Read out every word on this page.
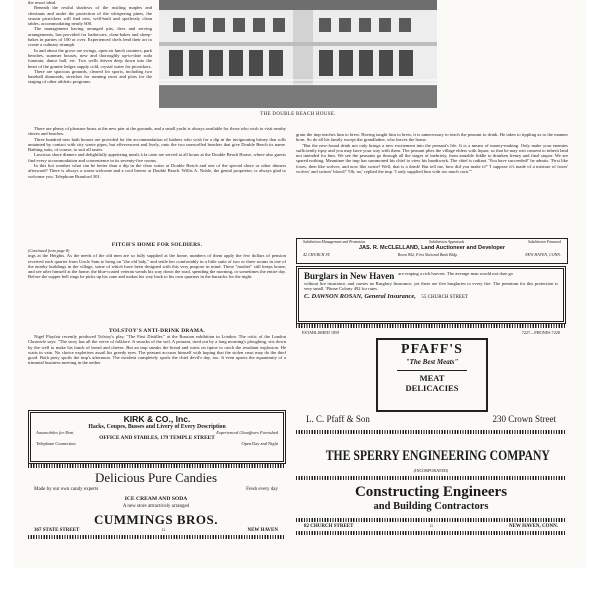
the resort ideal.

Beneath the restful shadows of the rustling maples and chestnuts and under the protection of the whispering pines, the season picnickers will find new, well-built and spotlessly clean tables, accommodating nearly 600.

The management having arranged pits, fires and serving arrangements, has provided for barbecues, clam-bakes and sheep-bakes in parties of 100 or over. Experienced chefs lend their art to create a culinary triumph.

In and about the grove are swings, open air lunch counters, park benches, summer houses, new and thoroughly up-to-date soda fountain, dance hall, etc. Two wells driven deep down into the heart of the granite ledges supply cold, crystal water for picnickers.

There are spacious grounds, cleared for sports, including two baseball diamonds, stretches for running races and plots for the staging of other athletic programs.

THE DOUBLE BEACH HOUSE.

There are plenty of pleasure boats at the new pier at the grounds, and a small yacht is always available for those who wish to visit nearby shores and beaches.

Three hundred new bath houses are provided for the accommodation of bathers who wish for a dip in the invigorating briney that rolls untainted by contact with city waste pipes, but effervescent and lively, onto the two unexcelled beaches that give Double Beach its name. Bathing suits, of course, to suit all tastes.

Luscious shore dinners and delightfully appetizing meals à la carte are served at all hours at the Double Beach House, where also guests find every accommodation and convenience in its seventy-five rooms.

In this hot weather what can be better than a dip in the clear water at Double Beach and one of the special shore or other dinners afterward? There is always a warm welcome and a cool breeze at Double Beach. Willis A. Noble, the genial proprietor, is always glad to welcome you. Telephone Branford 301.

FITCH'S HOME FOR SOLDIERS.

(Continued from page 8)

ings at the Heights. As the needs of the old men are so fully supplied at the home, numbers of them apply the few dollars of pension received each quarter from Uncle Sam to bring on "the old lady," and settle her comfortably in a little suite of two or three rooms in one of the nearby buildings in the village, some of which have been designed with this very purpose in mind. These "mother" still keeps house, and see after himself at the home, the blue-coated veteran wends his way down the road, spending the morning, or sometimes the entire day. Before the supper bell rings he picks up his cane and makes his way back to his own quarters in the barracks for the night.

TOLSTOY'S ANTI-DRINK DRAMA.

Nigel Playfair recently produced Tolstoy's play, "The First Distiller," at the Russian exhibition in London. The critic of the London Chronicle says: "The story has all the verve of folklore. It smacks of the soil. A peasant, tired out by a long morning's ploughing, sits down by the well to make his lunch of bread and cheese. But an imp sneaks the bread and waits on tiptoe to catch the resultant explosion. He waits in vain. No choice expletives assail his greedy eyes. The peasant accuses himself with hoping that the stolen crust may do the thief good. Both piety spoils the imp's afternoon. The incident completely spoils the chief devil's day, too. It even upsets the equanimity of a trimmial business meeting in the nether

grain the imp teaches him to brew. Having taught him to brew, it is unnecessary to teach the peasant to drink. He takes to tippling as to the manner born. So do all his family except the grandfather, who leaves the home.

"But the new-found drink not only brings a new excitement into the peasant's life. It is a means of money-making. Only make your enemies sufficiently tipsy and you may have your way with them. The peasant plies the village elders with liquor, so that he may win consent to inherit land not intended for him. We see the peasants go through all the stages of inebriety, from amiable fiddle to drunken frenzy and final stupor. We are spared nothing. Meantime the imp has summoned his chief to view his handiwork. The chief is radiant. 'You have succeeded!' he admits. 'First like foxes, then like wolves, and now like swine! Well, that is a drink! But tell me, how did you make it?' 'I suppose it's made of a mixture of foxes' wolves' and swines' blood?' 'Oh, no,' replied the imp. 'I only supplied him with too much corn.'"

Subdivision Management and Promotion	Subdivision Appraisals	Subdivision Financed
JAS. R. McCLELLAND, Land Auctioneer and Developer
42 CHURCH ST.	Room 802, First National Bank Bldg.	NEW HAVEN, CONN.
Burglars in New Haven are reaping a rich harvest. The average man would not dare go

without fire insurance, and carries no Burglary Insurance, yet there are five burglaries to every fire. The premium for this protection is very small. 'Phone Colony 492 for rates.

C. DAWSON ROSAN, General Insurance, 55 CHURCH STREET
ESTABLISHED 1859	7227—PHONES 7228
PFAFF'S
"The Best Meats"
MEAT
DELICACIES
L. C. Pfaff & Son	230 Crown Street
KIRK & CO., Inc.
Hacks, Coupes, Busses and Livery of Every Description
Automobiles for Rent	Experienced Chauffeurs Furnished
OFFICE AND STABLES, 179 TEMPLE STREET
Telephone Connection	Open Day and Night
Delicious Pure Candies
Made by our own candy experts	Fresh every day
ICE CREAM AND SODA
A new store attractively arranged
CUMMINGS BROS.
367 STATE STREET	::	NEW HAVEN
THE SPERRY ENGINEERING COMPANY
(INCORPORATED)
Constructing Engineers
and Building Contractors
82 CHURCH STREET	::	NEW HAVEN, CONN.
